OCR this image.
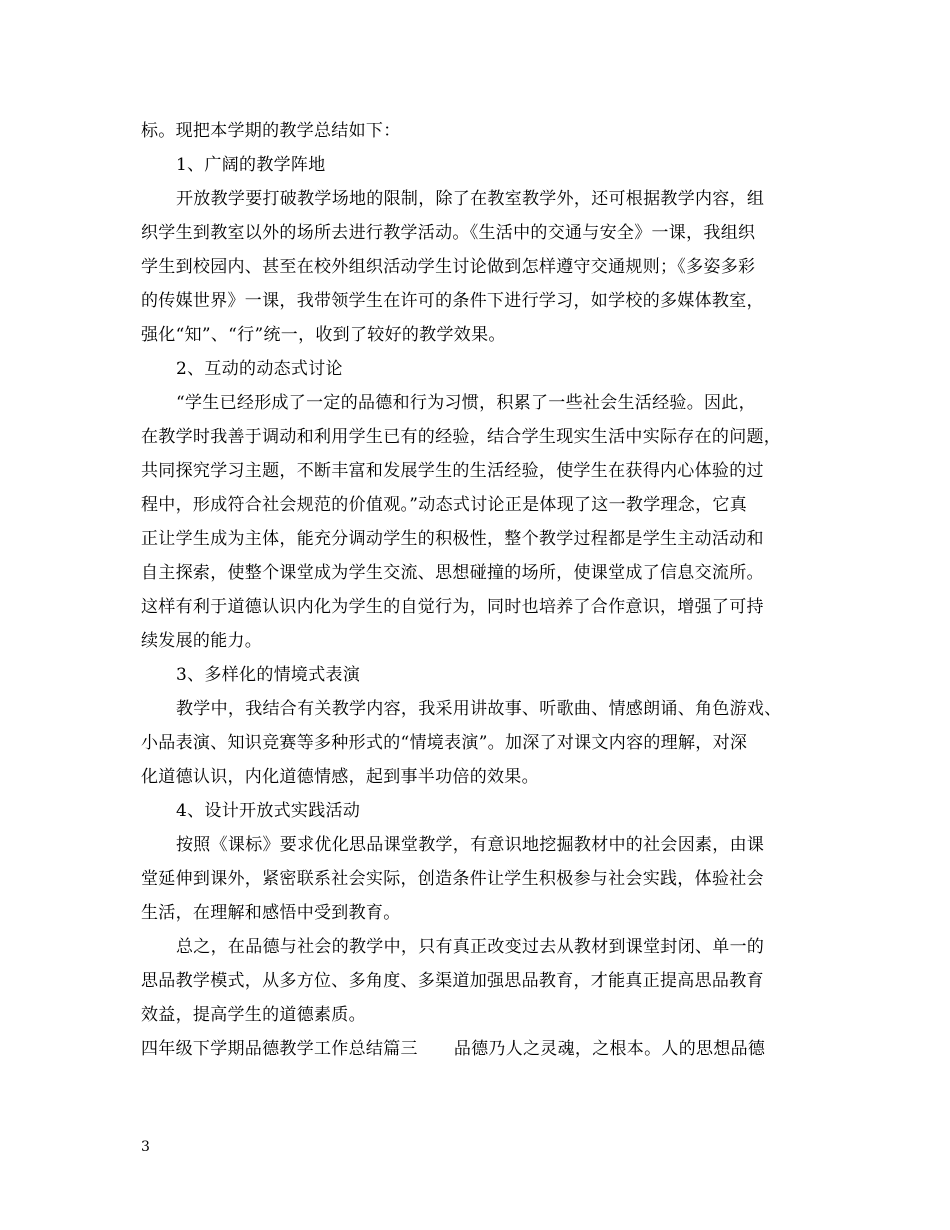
标。现把本学期的教学总结如下：
1、广阔的教学阵地
开放教学要打破教学场地的限制，除了在教室教学外，还可根据教学内容，组
织学生到教室以外的场所去进行教学活动。《生活中的交通与安全》一课，我组织
学生到校园内、甚至在校外组织活动学生讨论做到怎样遵守交通规则；《多姿多彩
的传媒世界》一课，我带领学生在许可的条件下进行学习，如学校的多媒体教室，
强化“知”、“行”统一，收到了较好的教学效果。
2、互动的动态式讨论
“学生已经形成了一定的品德和行为习惯，积累了一些社会生活经验。因此，
在教学时我善于调动和利用学生已有的经验，结合学生现实生活中实际存在的问题，
共同探究学习主题，不断丰富和发展学生的生活经验，使学生在获得内心体验的过
程中，形成符合社会规范的价值观。”动态式讨论正是体现了这一教学理念，它真
正让学生成为主体，能充分调动学生的积极性，整个教学过程都是学生主动活动和
自主探索，使整个课堂成为学生交流、思想碰撞的场所，使课堂成了信息交流所。
这样有利于道德认识内化为学生的自觉行为，同时也培养了合作意识，增强了可持
续发展的能力。
3、多样化的情境式表演
教学中，我结合有关教学内容，我采用讲故事、听歌曲、情感朗诵、角色游戏、
小品表演、知识竞赛等多种形式的“情境表演”。加深了对课文内容的理解，对深
化道德认识，内化道德情感，起到事半功倍的效果。
4、设计开放式实践活动
按照《课标》要求优化思品课堂教学，有意识地挖掘教材中的社会因素，由课
堂延伸到课外，紧密联系社会实际，创造条件让学生积极参与社会实践，体验社会
生活，在理解和感悟中受到教育。
总之，在品德与社会的教学中，只有真正改变过去从教材到课堂封闭、单一的
思品教学模式，从多方位、多角度、多渠道加强思品教育，才能真正提高思品教育
效益，提高学生的道德素质。
四年级下学期品德教学工作总结篇三 品德乃人之灵魂，之根本。人的思想品德
3
